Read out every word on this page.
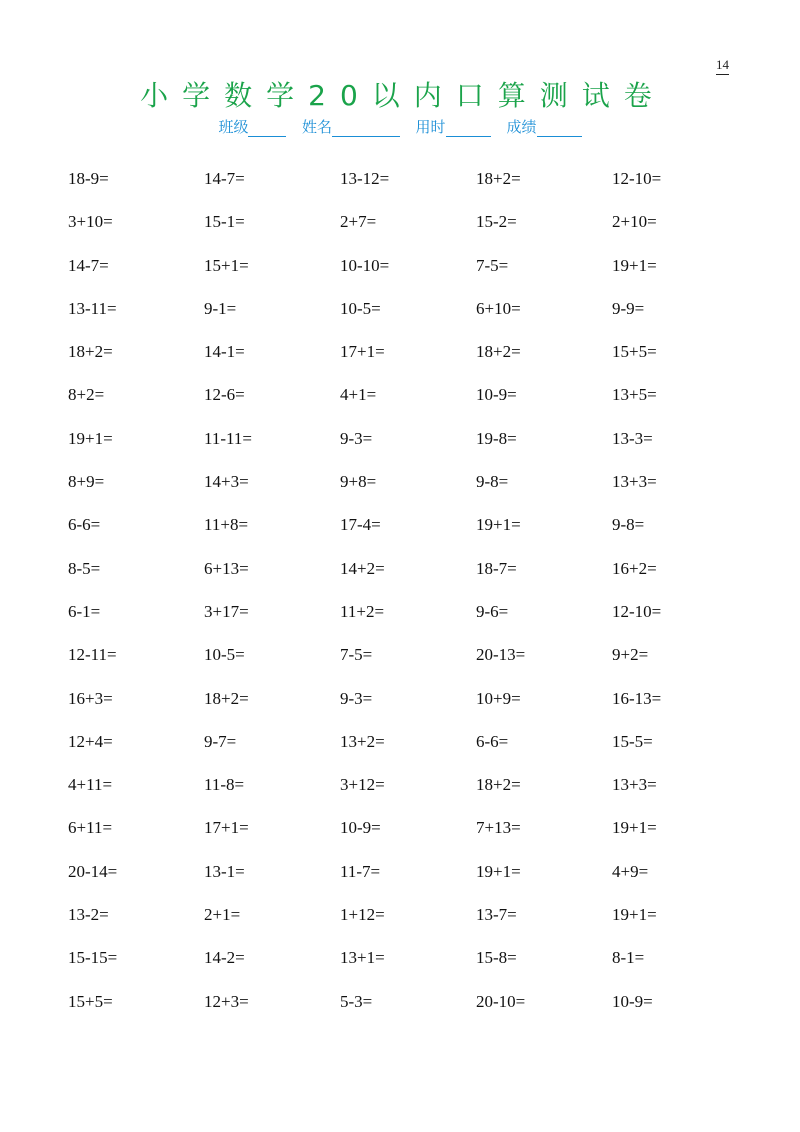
14
小学数学20以内口算测试卷
班级	姓名	用时	成绩
18-9=	14-7=	13-12=	18+2=	12-10=
3+10=	15-1=	2+7=	15-2=	2+10=
14-7=	15+1=	10-10=	7-5=	19+1=
13-11=	9-1=	10-5=	6+10=	9-9=
18+2=	14-1=	17+1=	18+2=	15+5=
8+2=	12-6=	4+1=	10-9=	13+5=
19+1=	11-11=	9-3=	19-8=	13-3=
8+9=	14+3=	9+8=	9-8=	13+3=
6-6=	11+8=	17-4=	19+1=	9-8=
8-5=	6+13=	14+2=	18-7=	16+2=
6-1=	3+17=	11+2=	9-6=	12-10=
12-11=	10-5=	7-5=	20-13=	9+2=
16+3=	18+2=	9-3=	10+9=	16-13=
12+4=	9-7=	13+2=	6-6=	15-5=
4+11=	11-8=	3+12=	18+2=	13+3=
6+11=	17+1=	10-9=	7+13=	19+1=
20-14=	13-1=	11-7=	19+1=	4+9=
13-2=	2+1=	1+12=	13-7=	19+1=
15-15=	14-2=	13+1=	15-8=	8-1=
15+5=	12+3=	5-3=	20-10=	10-9=
